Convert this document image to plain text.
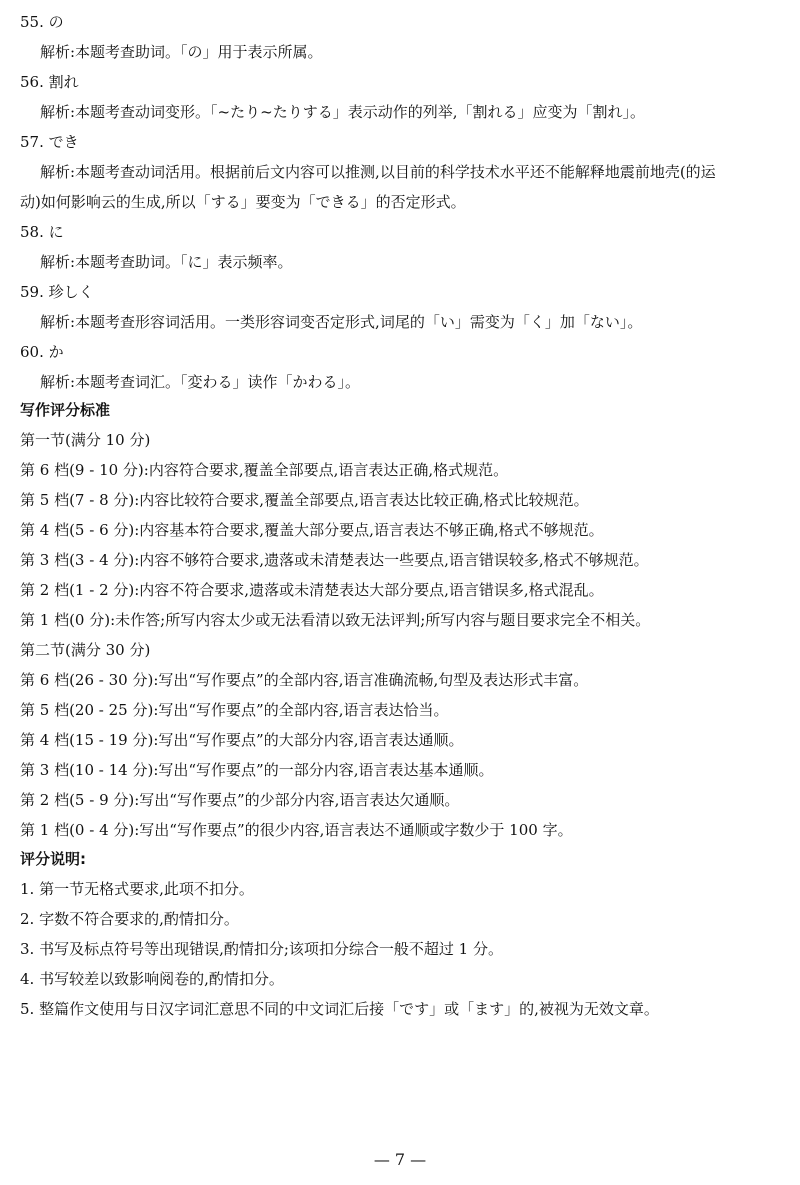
55. の
解析:本题考查助词。「の」用于表示所属。
56. 割れ
解析:本题考查动词变形。「~たり~たりする」表示动作的列举,「割れる」应变为「割れ」。
57. でき
解析:本题考查动词活用。根据前后文内容可以推测,以目前的科学技术水平还不能解释地震前地壳(的运
动)如何影响云的生成,所以「する」要变为「できる」的否定形式。
58. に
解析:本题考查助词。「に」表示频率。
59. 珍しく
解析:本题考查形容词活用。一类形容词变否定形式,词尾的「い」需变为「く」加「ない」。
60. か
解析:本题考查词汇。「変わる」读作「かわる」。
写作评分标准
第一节(满分 10 分)
第 6 档(9 - 10 分):内容符合要求,覆盖全部要点,语言表达正确,格式规范。
第 5 档(7 - 8 分):内容比较符合要求,覆盖全部要点,语言表达比较正确,格式比较规范。
第 4 档(5 - 6 分):内容基本符合要求,覆盖大部分要点,语言表达不够正确,格式不够规范。
第 3 档(3 - 4 分):内容不够符合要求,遗落或未清楚表达一些要点,语言错误较多,格式不够规范。
第 2 档(1 - 2 分):内容不符合要求,遗落或未清楚表达大部分要点,语言错误多,格式混乱。
第 1 档(0 分):未作答;所写内容太少或无法看清以致无法评判;所写内容与题目要求完全不相关。
第二节(满分 30 分)
第 6 档(26 - 30 分):写出“写作要点”的全部内容,语言准确流畅,句型及表达形式丰富。
第 5 档(20 - 25 分):写出“写作要点”的全部内容,语言表达恰当。
第 4 档(15 - 19 分):写出“写作要点”的大部分内容,语言表达通顺。
第 3 档(10 - 14 分):写出“写作要点”的一部分内容,语言表达基本通顺。
第 2 档(5 - 9 分):写出“写作要点”的少部分内容,语言表达欠通顺。
第 1 档(0 - 4 分):写出“写作要点”的很少内容,语言表达不通顺或字数少于 100 字。
评分说明:
1. 第一节无格式要求,此项不扣分。
2. 字数不符合要求的,酌情扣分。
3. 书写及标点符号等出现错误,酌情扣分;该项扣分综合一般不超过 1 分。
4. 书写较差以致影响阅卷的,酌情扣分。
5. 整篇作文使用与日汉字词汇意思不同的中文词汇后接「です」或「ます」的,被视为无效文章。
— 7 —
